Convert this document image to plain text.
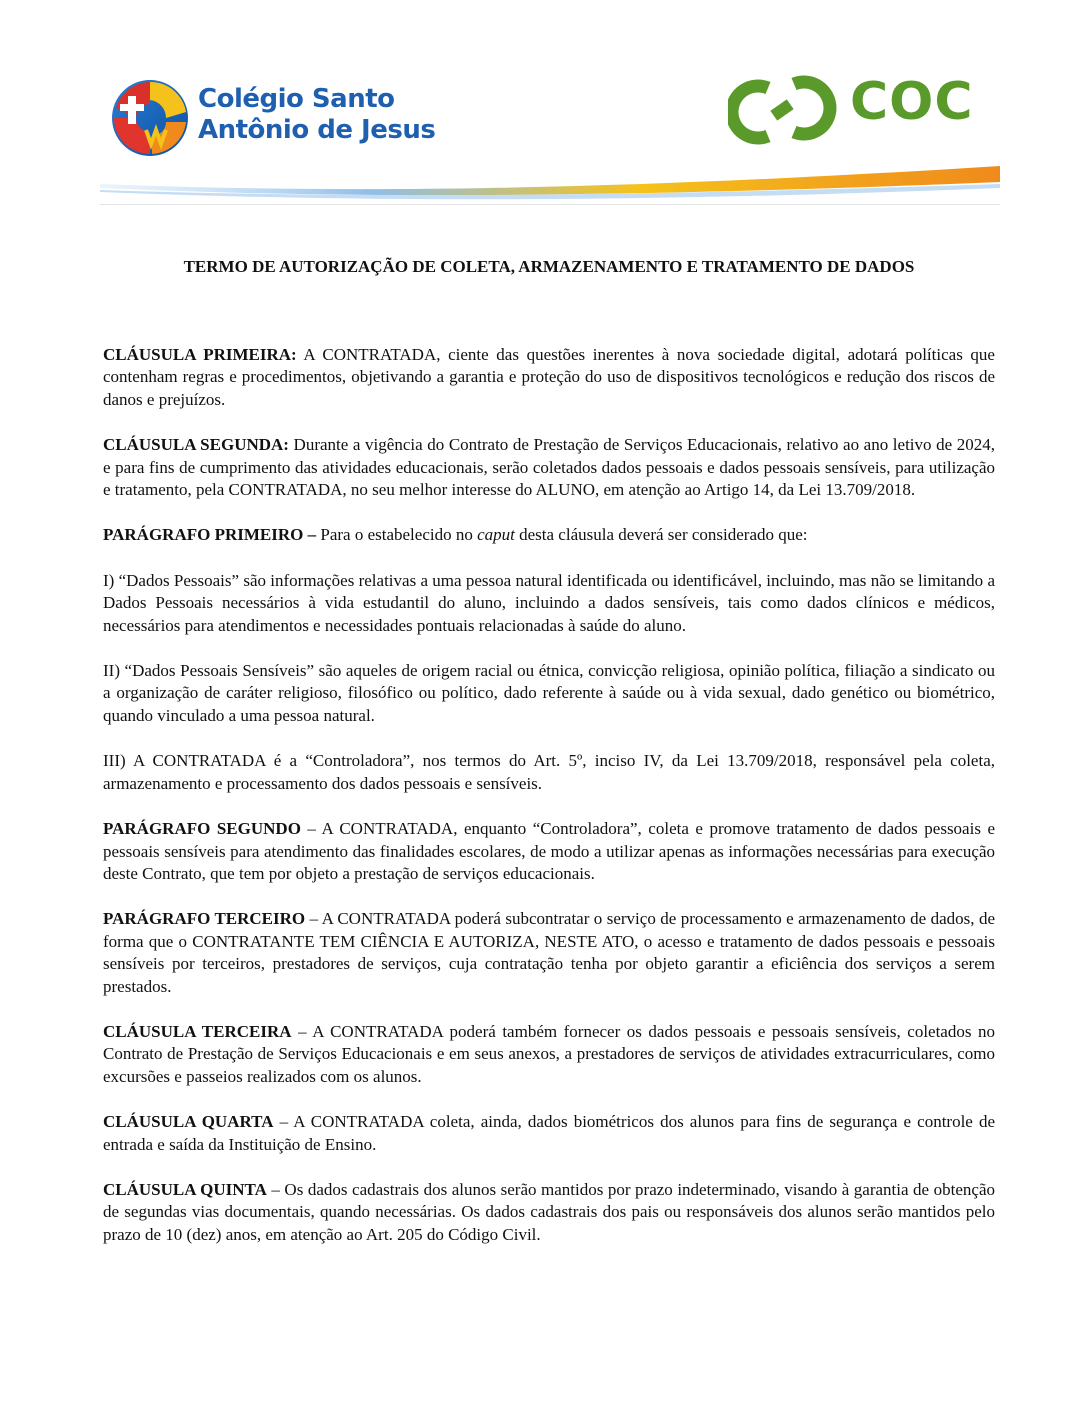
Colégio Santo
Antônio de Jesus	COC
TERMO DE AUTORIZAÇÃO DE COLETA, ARMAZENAMENTO E TRATAMENTO DE DADOS

CLÁUSULA PRIMEIRA: A CONTRATADA, ciente das questões inerentes à nova sociedade digital, adotará políticas que contenham regras e procedimentos, objetivando a garantia e proteção do uso de dispositivos tecnológicos e redução dos riscos de danos e prejuízos.

CLÁUSULA SEGUNDA: Durante a vigência do Contrato de Prestação de Serviços Educacionais, relativo ao ano letivo de 2024, e para fins de cumprimento das atividades educacionais, serão coletados dados pessoais e dados pessoais sensíveis, para utilização e tratamento, pela CONTRATADA, no seu melhor interesse do ALUNO, em atenção ao Artigo 14, da Lei 13.709/2018.

PARÁGRAFO PRIMEIRO – Para o estabelecido no caput desta cláusula deverá ser considerado que:

I) “Dados Pessoais” são informações relativas a uma pessoa natural identificada ou identificável, incluindo, mas não se limitando a Dados Pessoais necessários à vida estudantil do aluno, incluindo a dados sensíveis, tais como dados clínicos e médicos, necessários para atendimentos e necessidades pontuais relacionadas à saúde do aluno.

II) “Dados Pessoais Sensíveis” são aqueles de origem racial ou étnica, convicção religiosa, opinião política, filiação a sindicato ou a organização de caráter religioso, filosófico ou político, dado referente à saúde ou à vida sexual, dado genético ou biométrico, quando vinculado a uma pessoa natural.

III) A CONTRATADA é a “Controladora”, nos termos do Art. 5º, inciso IV, da Lei 13.709/2018, responsável pela coleta, armazenamento e processamento dos dados pessoais e sensíveis.

PARÁGRAFO SEGUNDO – A CONTRATADA, enquanto “Controladora”, coleta e promove tratamento de dados pessoais e pessoais sensíveis para atendimento das finalidades escolares, de modo a utilizar apenas as informações necessárias para execução deste Contrato, que tem por objeto a prestação de serviços educacionais.

PARÁGRAFO TERCEIRO – A CONTRATADA poderá subcontratar o serviço de processamento e armazenamento de dados, de forma que o CONTRATANTE TEM CIÊNCIA E AUTORIZA, NESTE ATO, o acesso e tratamento de dados pessoais e pessoais sensíveis por terceiros, prestadores de serviços, cuja contratação tenha por objeto garantir a eficiência dos serviços a serem prestados.

CLÁUSULA TERCEIRA – A CONTRATADA poderá também fornecer os dados pessoais e pessoais sensíveis, coletados no Contrato de Prestação de Serviços Educacionais e em seus anexos, a prestadores de serviços de atividades extracurriculares, como excursões e passeios realizados com os alunos.

CLÁUSULA QUARTA – A CONTRATADA coleta, ainda, dados biométricos dos alunos para fins de segurança e controle de entrada e saída da Instituição de Ensino.

CLÁUSULA QUINTA – Os dados cadastrais dos alunos serão mantidos por prazo indeterminado, visando à garantia de obtenção de segundas vias documentais, quando necessárias. Os dados cadastrais dos pais ou responsáveis dos alunos serão mantidos pelo prazo de 10 (dez) anos, em atenção ao Art. 205 do Código Civil.
